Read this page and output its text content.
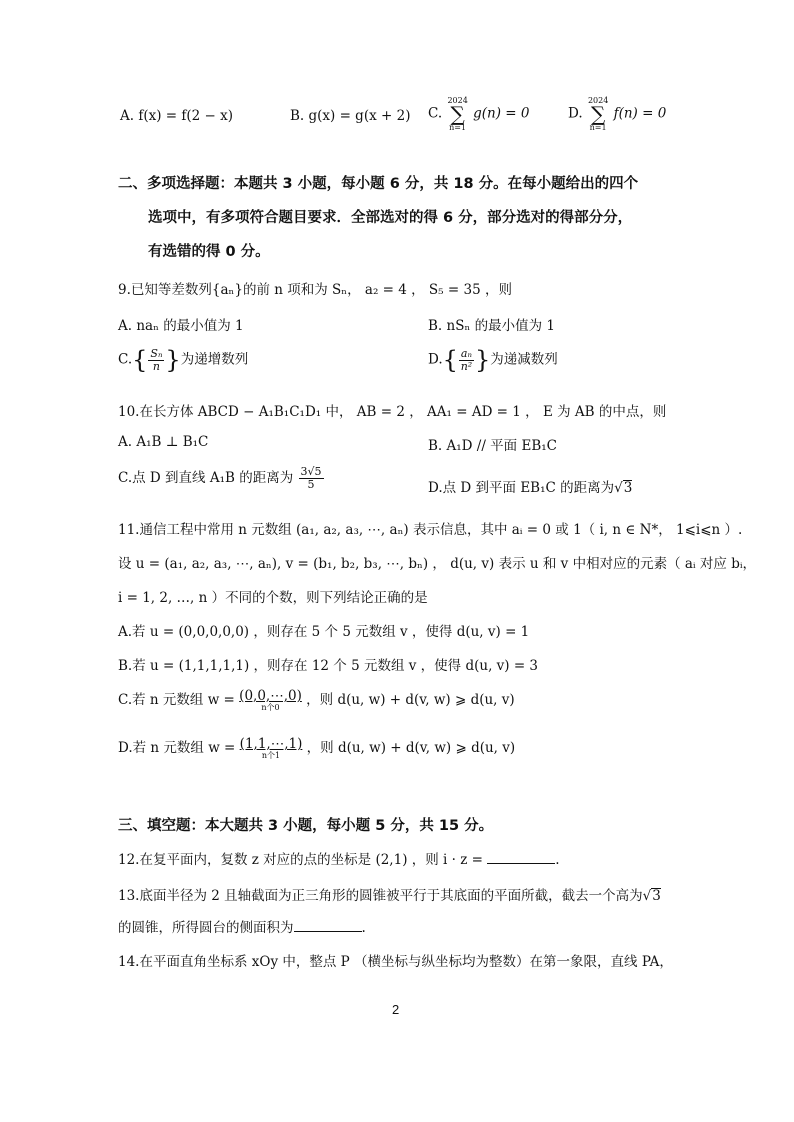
A. f(x) = f(2 − x)	B. g(x) = g(x + 2) C.
2024
∑
n=1
g(n) = 0	D.
2024
∑
n=1
f(n) = 0
二、多项选择题：本题共 3 小题，每小题 6 分，共 18 分。在每小题给出的四个
选项中，有多项符合题目要求．全部选对的得 6 分，部分选对的得部分分，
有选错的得 0 分。
9.已知等差数列{aₙ}的前 n 项和为 Sₙ， a₂ = 4 ， S₅ = 35 ，则
A. naₙ 的最小值为 1	B. nSₙ 的最小值为 1
$C.\{ \frac{\text{Sₙ}}{n}$ }为递增数列	$D.\{ \frac{\text{aₙ}}{\text{n²}}$ }为递减数列
10.在长方体 ABCD − A₁B₁C₁D₁ 中， AB = 2 ， AA₁ = AD = 1 ， E 为 AB 的中点，则
A. A₁B ⊥ B₁C	B. A₁D // 平面 EB₁C
C.点 D 到直线 A₁B 的距离为 $\frac{3√5}{5}$	D.点 D 到平面 EB₁C 的距离为√3
11.通信工程中常用 n 元数组 (a₁, a₂, a₃, ⋯, aₙ) 表示信息，其中 aᵢ = 0 或 1（ i, n ∈ N*， 1⩽i⩽n ）.
设 u = (a₁, a₂, a₃, ⋯, aₙ), v = (b₁, b₂, b₃, ⋯, bₙ) ， d(u, v) 表示 u 和 v 中相对应的元素（ aᵢ 对应 bᵢ，
i = 1, 2, …, n ）不同的个数，则下列结论正确的是
A.若 u = (0,0,0,0,0) ，则存在 5 个 5 元数组 v ，使得 d(u, v) = 1
B.若 u = (1,1,1,1,1) ，则存在 12 个 5 元数组 v ，使得 d(u, v) = 3
C.若 n 元数组 w = (0,0,⋯,0)
n个0 ，则 d(u, w) + d(v, w) ⩾ d(u, v)
D.若 n 元数组 w = (1,1,⋯,1)
n个1 ，则 d(u, w) + d(v, w) ⩾ d(u, v)
三、填空题：本大题共 3 小题，每小题 5 分，共 15 分。
12.在复平面内，复数 z 对应的点的坐标是 (2,1) ，则 i · z =	.
13.底面半径为 2 且轴截面为正三角形的圆锥被平行于其底面的平面所截，截去一个高为√3
的圆锥，所得圆台的侧面积为	.
14.在平面直角坐标系 xOy 中，整点 P （横坐标与纵坐标均为整数）在第一象限，直线 PA，
2
